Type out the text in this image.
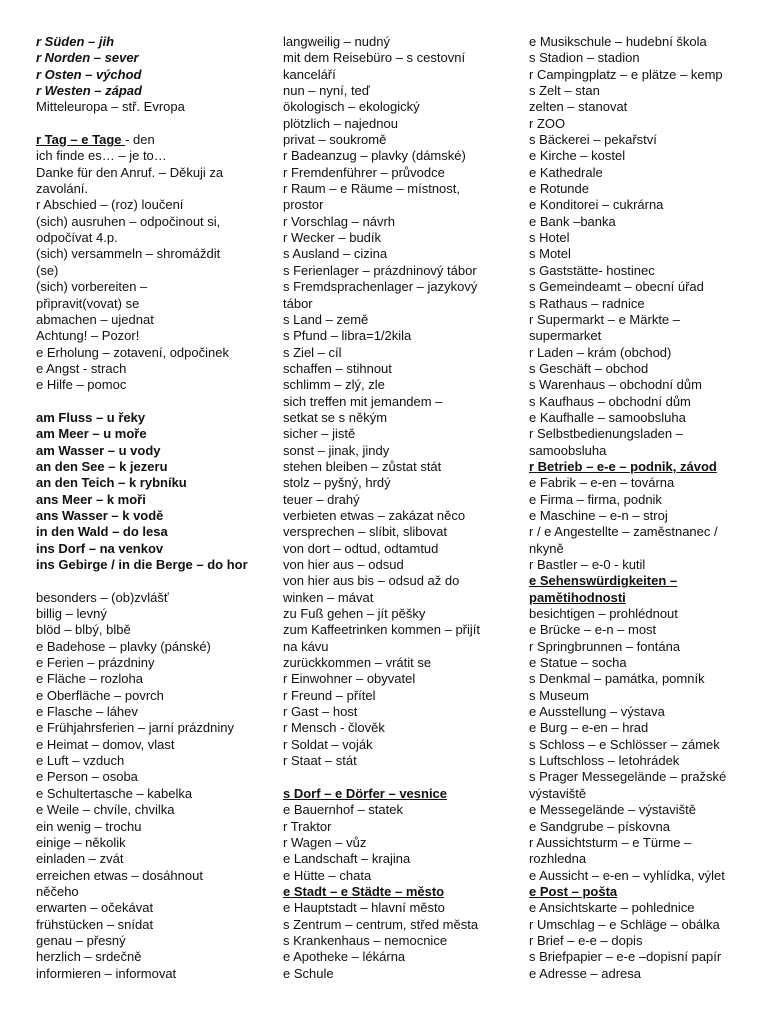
r Süden – jih
r Norden – sever
r Osten – východ
r Westen – západ
Mitteleuropa – stř. Evropa
r Tag – e Tage - den
ich finde es… – je to…
Danke für den Anruf. – Děkuji za
zavolání.
r Abschied – (roz) loučení
(sich) ausruhen – odpočinout si,
odpočívat 4.p.
(sich) versammeln – shromáždit
(se)
(sich) vorbereiten –
připravit(vovat) se
abmachen – ujednat
Achtung! – Pozor!
e Erholung – zotavení, odpočinek
e Angst - strach
e Hilfe – pomoc
am Fluss – u řeky
am Meer – u moře
am Wasser – u vody
an den See – k jezeru
an den Teich – k rybníku
ans Meer – k moři
ans Wasser – k vodě
in den Wald – do lesa
ins Dorf – na venkov
ins Gebirge / in die Berge – do hor
besonders – (ob)zvlášť
billig – levný
blöd – blbý, blbě
e Badehose – plavky (pánské)
e Ferien – prázdniny
e Fläche – rozloha
e Oberfläche – povrch
e Flasche – láhev
e Frühjahrsferien – jarní prázdniny
e Heimat – domov, vlast
e Luft – vzduch
e Person – osoba
e Schultertasche – kabelka
e Weile – chvíle, chvilka
ein wenig – trochu
einige – několik
einladen – zvát
erreichen etwas – dosáhnout
něčeho
erwarten – očekávat
frühstücken – snídat
genau – přesný
herzlich – srdečně
informieren – informovat
langweilig – nudný
mit dem Reisebüro – s cestovní
kanceláří
nun – nyní, teď
ökologisch – ekologický
plötzlich – najednou
privat – soukromě
r Badeanzug – plavky (dámské)
r Fremdenführer – průvodce
r Raum – e Räume – místnost,
prostor
r Vorschlag – návrh
r Wecker – budík
s Ausland – cizina
s Ferienlager – prázdninový tábor
s Fremdsprachenlager – jazykový
tábor
s Land – země
s Pfund – libra=1/2kila
s Ziel – cíl
schaffen – stihnout
schlimm – zlý, zle
sich treffen mit jemandem –
setkat se s někým
sicher – jistě
sonst – jinak, jindy
stehen bleiben – zůstat stát
stolz – pyšný, hrdý
teuer – drahý
verbieten etwas – zakázat něco
versprechen – slíbit, slibovat
von dort – odtud, odtamtud
von hier aus – odsud
von hier aus bis – odsud až do
winken – mávat
zu Fuß gehen – jít pěšky
zum Kaffeetrinken kommen – přijít
na kávu
zurückkommen – vrátit se
r Einwohner – obyvatel
r Freund – přítel
r Gast – host
r Mensch - člověk
r Soldat – voják
r Staat – stát
s Dorf – e Dörfer – vesnice
e Bauernhof – statek
r Traktor
r Wagen – vůz
e Landschaft – krajina
e Hütte – chata
e Stadt – e Städte – město
e Hauptstadt – hlavní město
s Zentrum – centrum, střed města
s Krankenhaus – nemocnice
e Apotheke – lékárna
e Schule
e Musikschule – hudební škola
s Stadion – stadion
r Campingplatz – e plätze – kemp
s Zelt – stan
zelten – stanovat
r ZOO
s Bäckerei – pekařství
e Kirche – kostel
e Kathedrale
e Rotunde
e Konditorei – cukrárna
e Bank –banka
s Hotel
s Motel
s Gaststätte- hostinec
s Gemeindeamt – obecní úřad
s Rathaus – radnice
r Supermarkt – e Märkte –
supermarket
r Laden – krám (obchod)
s Geschäft – obchod
s Warenhaus – obchodní dům
s Kaufhaus – obchodní dům
e Kaufhalle – samoobsluha
r Selbstbedienungsladen –
samoobsluha
r Betrieb – e-e – podnik, závod
e Fabrik – e-en – továrna
e Firma – firma, podnik
e Maschine – e-n – stroj
r / e Angestellte – zaměstnanec /
nkyně
r Bastler – e-0 - kutil
e Sehenswürdigkeiten –
pamětihodnosti
besichtigen – prohlédnout
e Brücke – e-n – most
r Springbrunnen – fontána
e Statue – socha
s Denkmal – památka, pomník
s Museum
e Ausstellung – výstava
e Burg – e-en – hrad
s Schloss – e Schlösser – zámek
s Luftschloss – letohrádek
s Prager Messegelände – pražské
výstaviště
e Messegelände – výstaviště
e Sandgrube – pískovna
r Aussichtsturm – e Türme –
rozhledna
e Aussicht – e-en – vyhlídka, výlet
e Post – pošta
e Ansichtskarte – pohlednice
r Umschlag – e Schläge – obálka
r Brief – e-e – dopis
s Briefpapier – e-e –dopisní papír
e Adresse – adresa
